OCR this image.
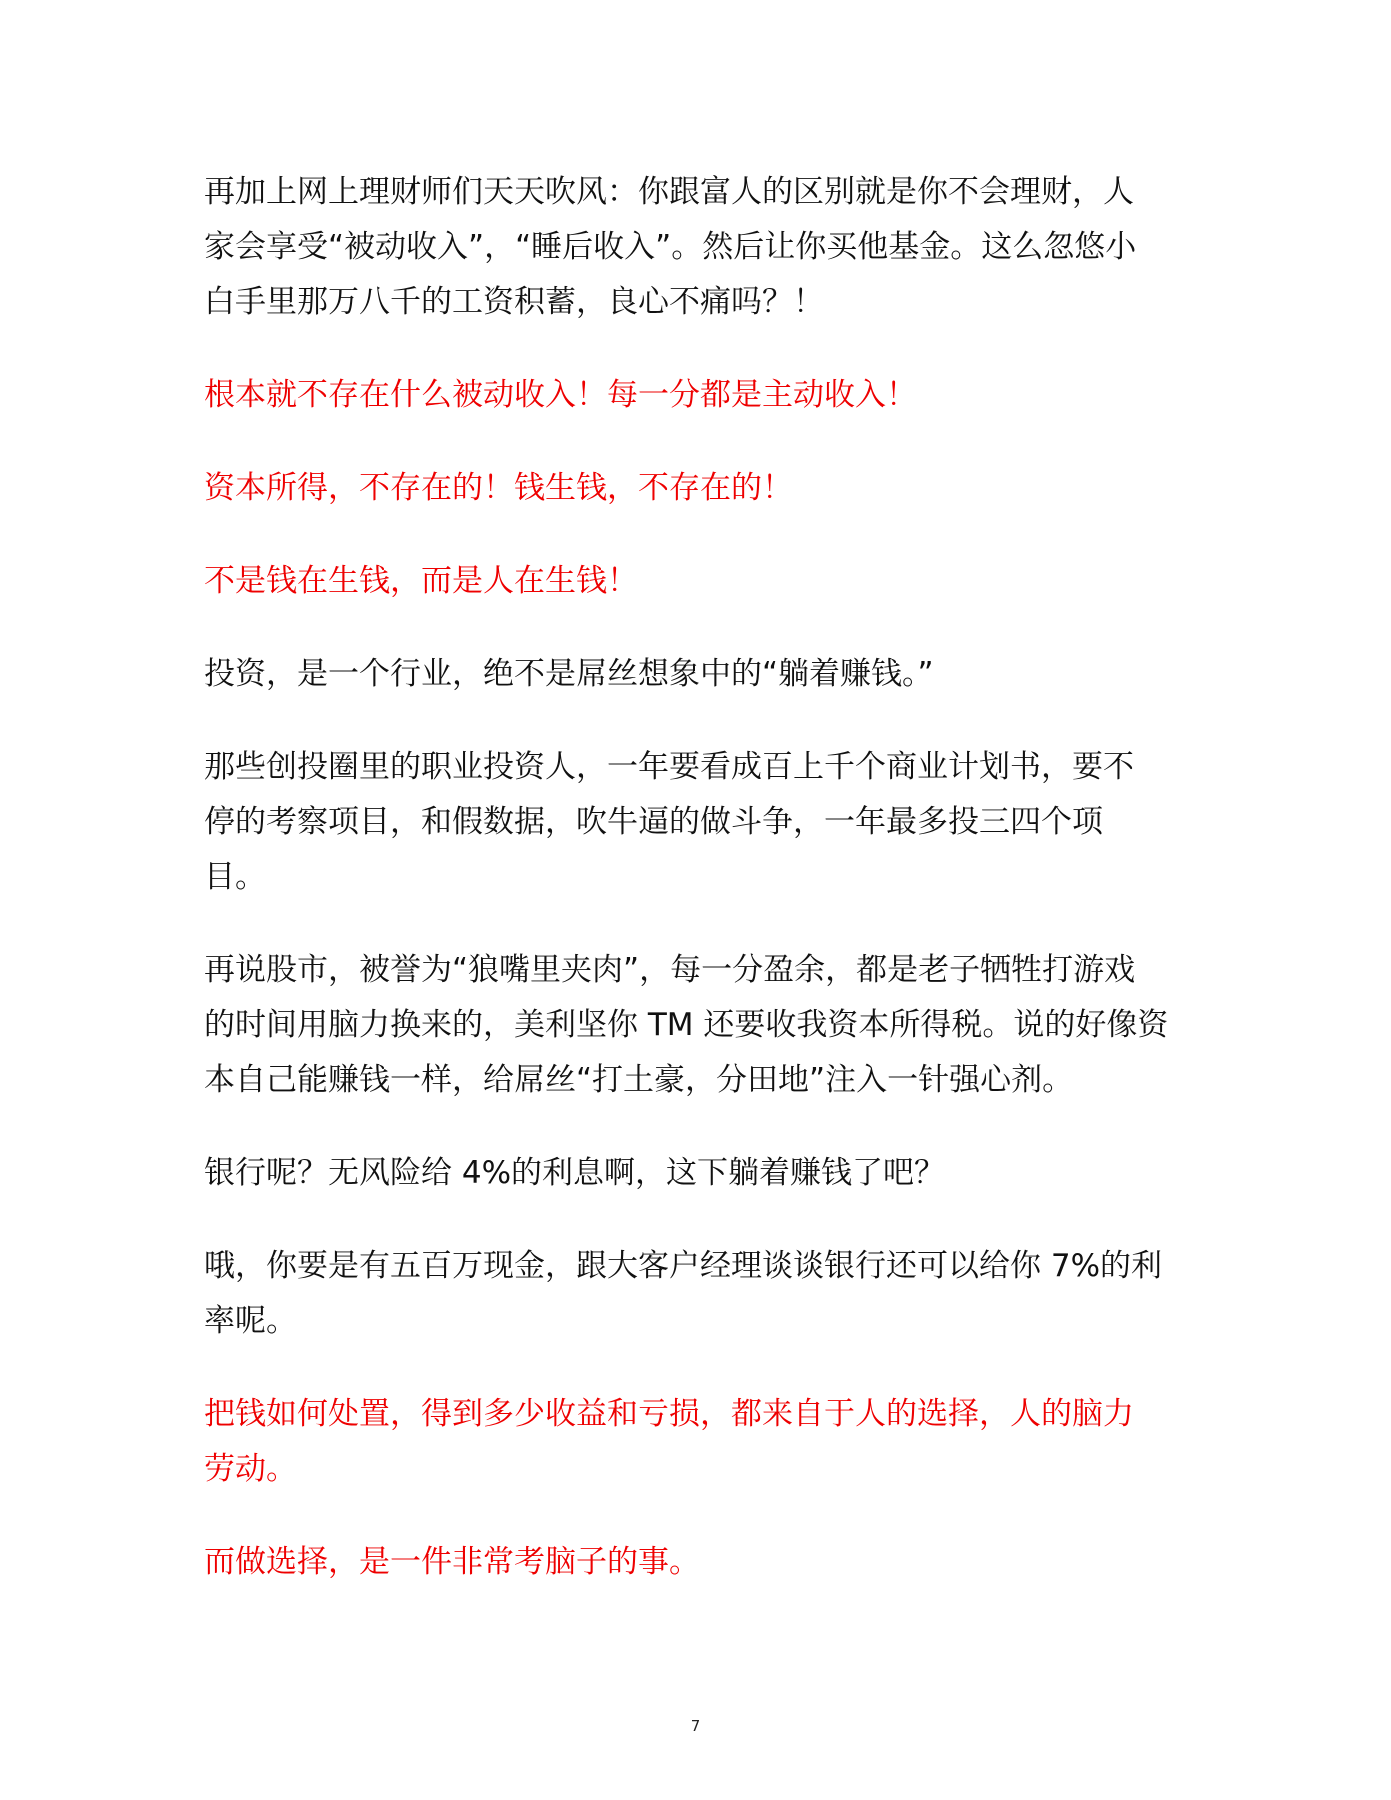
再加上网上理财师们天天吹风：你跟富人的区别就是你不会理财，人
家会享受“被动收入”，“睡后收入”。然后让你买他基金。这么忽悠小
白手里那万八千的工资积蓄，良心不痛吗？！

根本就不存在什么被动收入！每一分都是主动收入！

资本所得，不存在的！钱生钱，不存在的！

不是钱在生钱，而是人在生钱！

投资，是一个行业，绝不是屌丝想象中的“躺着赚钱。”

那些创投圈里的职业投资人，一年要看成百上千个商业计划书，要不
停的考察项目，和假数据，吹牛逼的做斗争，一年最多投三四个项
目。

再说股市，被誉为“狼嘴里夹肉”，每一分盈余，都是老子牺牲打游戏
的时间用脑力换来的，美利坚你 TM 还要收我资本所得税。说的好像资
本自己能赚钱一样，给屌丝“打土豪，分田地”注入一针强心剂。

银行呢？无风险给 4%的利息啊，这下躺着赚钱了吧？

哦，你要是有五百万现金，跟大客户经理谈谈银行还可以给你 7%的利
率呢。

把钱如何处置，得到多少收益和亏损，都来自于人的选择，人的脑力
劳动。

而做选择，是一件非常考脑子的事。

7
